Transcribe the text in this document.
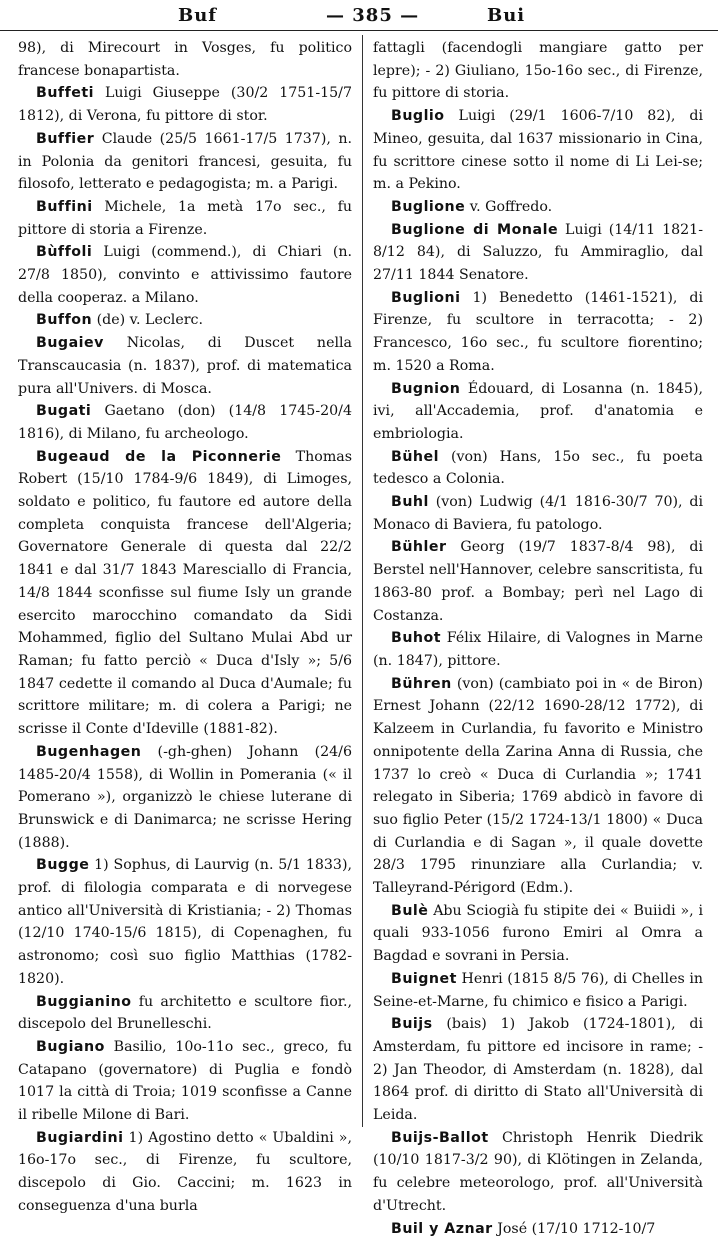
Buf	— 385 —	Bui

98), di Mirecourt in Vosges, fu politico francese bonapartista.

Buffeti Luigi Giuseppe (30/2 1751-15/7 1812), di Verona, fu pittore di stor.

Buffier Claude (25/5 1661-17/5 1737), n. in Polonia da genitori francesi, gesuita, fu filosofo, letterato e pedagogista; m. a Parigi.

Buffini Michele, 1a metà 17o sec., fu pittore di storia a Firenze.

Bùffoli Luigi (commend.), di Chiari (n. 27/8 1850), convinto e attivissimo fautore della cooperaz. a Milano.

Buffon (de) v. Leclerc.

Bugaiev Nicolas, di Duscet nella Transcaucasia (n. 1837), prof. di matematica pura all'Univers. di Mosca.

Bugati Gaetano (don) (14/8 1745-20/4 1816), di Milano, fu archeologo.

Bugeaud de la Piconnerie Thomas Robert (15/10 1784-9/6 1849), di Limoges, soldato e politico, fu fautore ed autore della completa conquista francese dell'Algeria; Governatore Generale di questa dal 22/2 1841 e dal 31/7 1843 Maresciallo di Francia, 14/8 1844 sconfisse sul fiume Isly un grande esercito marocchino comandato da Sidi Mohammed, figlio del Sultano Mulai Abd ur Raman; fu fatto perciò « Duca d'Isly »; 5/6 1847 cedette il comando al Duca d'Aumale; fu scrittore militare; m. di colera a Parigi; ne scrisse il Conte d'Ideville (1881-82).

Bugenhagen (-gh-ghen) Johann (24/6 1485-20/4 1558), di Wollin in Pomerania (« il Pomerano »), organizzò le chiese luterane di Brunswick e di Danimarca; ne scrisse Hering (1888).

Bugge 1) Sophus, di Laurvig (n. 5/1 1833), prof. di filologia comparata e di norvegese antico all'Università di Kristiania; - 2) Thomas (12/10 1740-15/6 1815), di Copenaghen, fu astronomo; così suo figlio Matthias (1782-1820).

Buggianino fu architetto e scultore fior., discepolo del Brunelleschi.

Bugiano Basilio, 10o-11o sec., greco, fu Catapano (governatore) di Puglia e fondò 1017 la città di Troia; 1019 sconfisse a Canne il ribelle Milone di Bari.

Bugiardini 1) Agostino detto « Ubaldini », 16o-17o sec., di Firenze, fu scultore, discepolo di Gio. Caccini; m. 1623 in conseguenza d'una burla

fattagli (facendogli mangiare gatto per lepre); - 2) Giuliano, 15o-16o sec., di Firenze, fu pittore di storia.

Buglio Luigi (29/1 1606-7/10 82), di Mineo, gesuita, dal 1637 missionario in Cina, fu scrittore cinese sotto il nome di Li Lei-se; m. a Pekino.

Buglione v. Goffredo.

Buglione di Monale Luigi (14/11 1821-8/12 84), di Saluzzo, fu Ammiraglio, dal 27/11 1844 Senatore.

Buglioni 1) Benedetto (1461-1521), di Firenze, fu scultore in terracotta; - 2) Francesco, 16o sec., fu scultore fiorentino; m. 1520 a Roma.

Bugnion Édouard, di Losanna (n. 1845), ivi, all'Accademia, prof. d'anatomia e embriologia.

Bühel (von) Hans, 15o sec., fu poeta tedesco a Colonia.

Buhl (von) Ludwig (4/1 1816-30/7 70), di Monaco di Baviera, fu patologo.

Bühler Georg (19/7 1837-8/4 98), di Berstel nell'Hannover, celebre sanscritista, fu 1863-80 prof. a Bombay; perì nel Lago di Costanza.

Buhot Félix Hilaire, di Valognes in Marne (n. 1847), pittore.

Bühren (von) (cambiato poi in « de Biron) Ernest Johann (22/12 1690-28/12 1772), di Kalzeem in Curlandia, fu favorito e Ministro onnipotente della Zarina Anna di Russia, che 1737 lo creò « Duca di Curlandia »; 1741 relegato in Siberia; 1769 abdicò in favore di suo figlio Peter (15/2 1724-13/1 1800) « Duca di Curlandia e di Sagan », il quale dovette 28/3 1795 rinunziare alla Curlandia; v. Talleyrand-Périgord (Edm.).

Bulè Abu Sciogià fu stipite dei « Buiidi », i quali 933-1056 furono Emiri al Omra a Bagdad e sovrani in Persia.

Buignet Henri (1815 8/5 76), di Chelles in Seine-et-Marne, fu chimico e fisico a Parigi.

Buijs (bais) 1) Jakob (1724-1801), di Amsterdam, fu pittore ed incisore in rame; - 2) Jan Theodor, di Amsterdam (n. 1828), dal 1864 prof. di diritto di Stato all'Università di Leida.

Buijs-Ballot Christoph Henrik Diedrik (10/10 1817-3/2 90), di Klötingen in Zelanda, fu celebre meteorologo, prof. all'Università d'Utrecht.

Buil y Aznar José (17/10 1712-10/7
